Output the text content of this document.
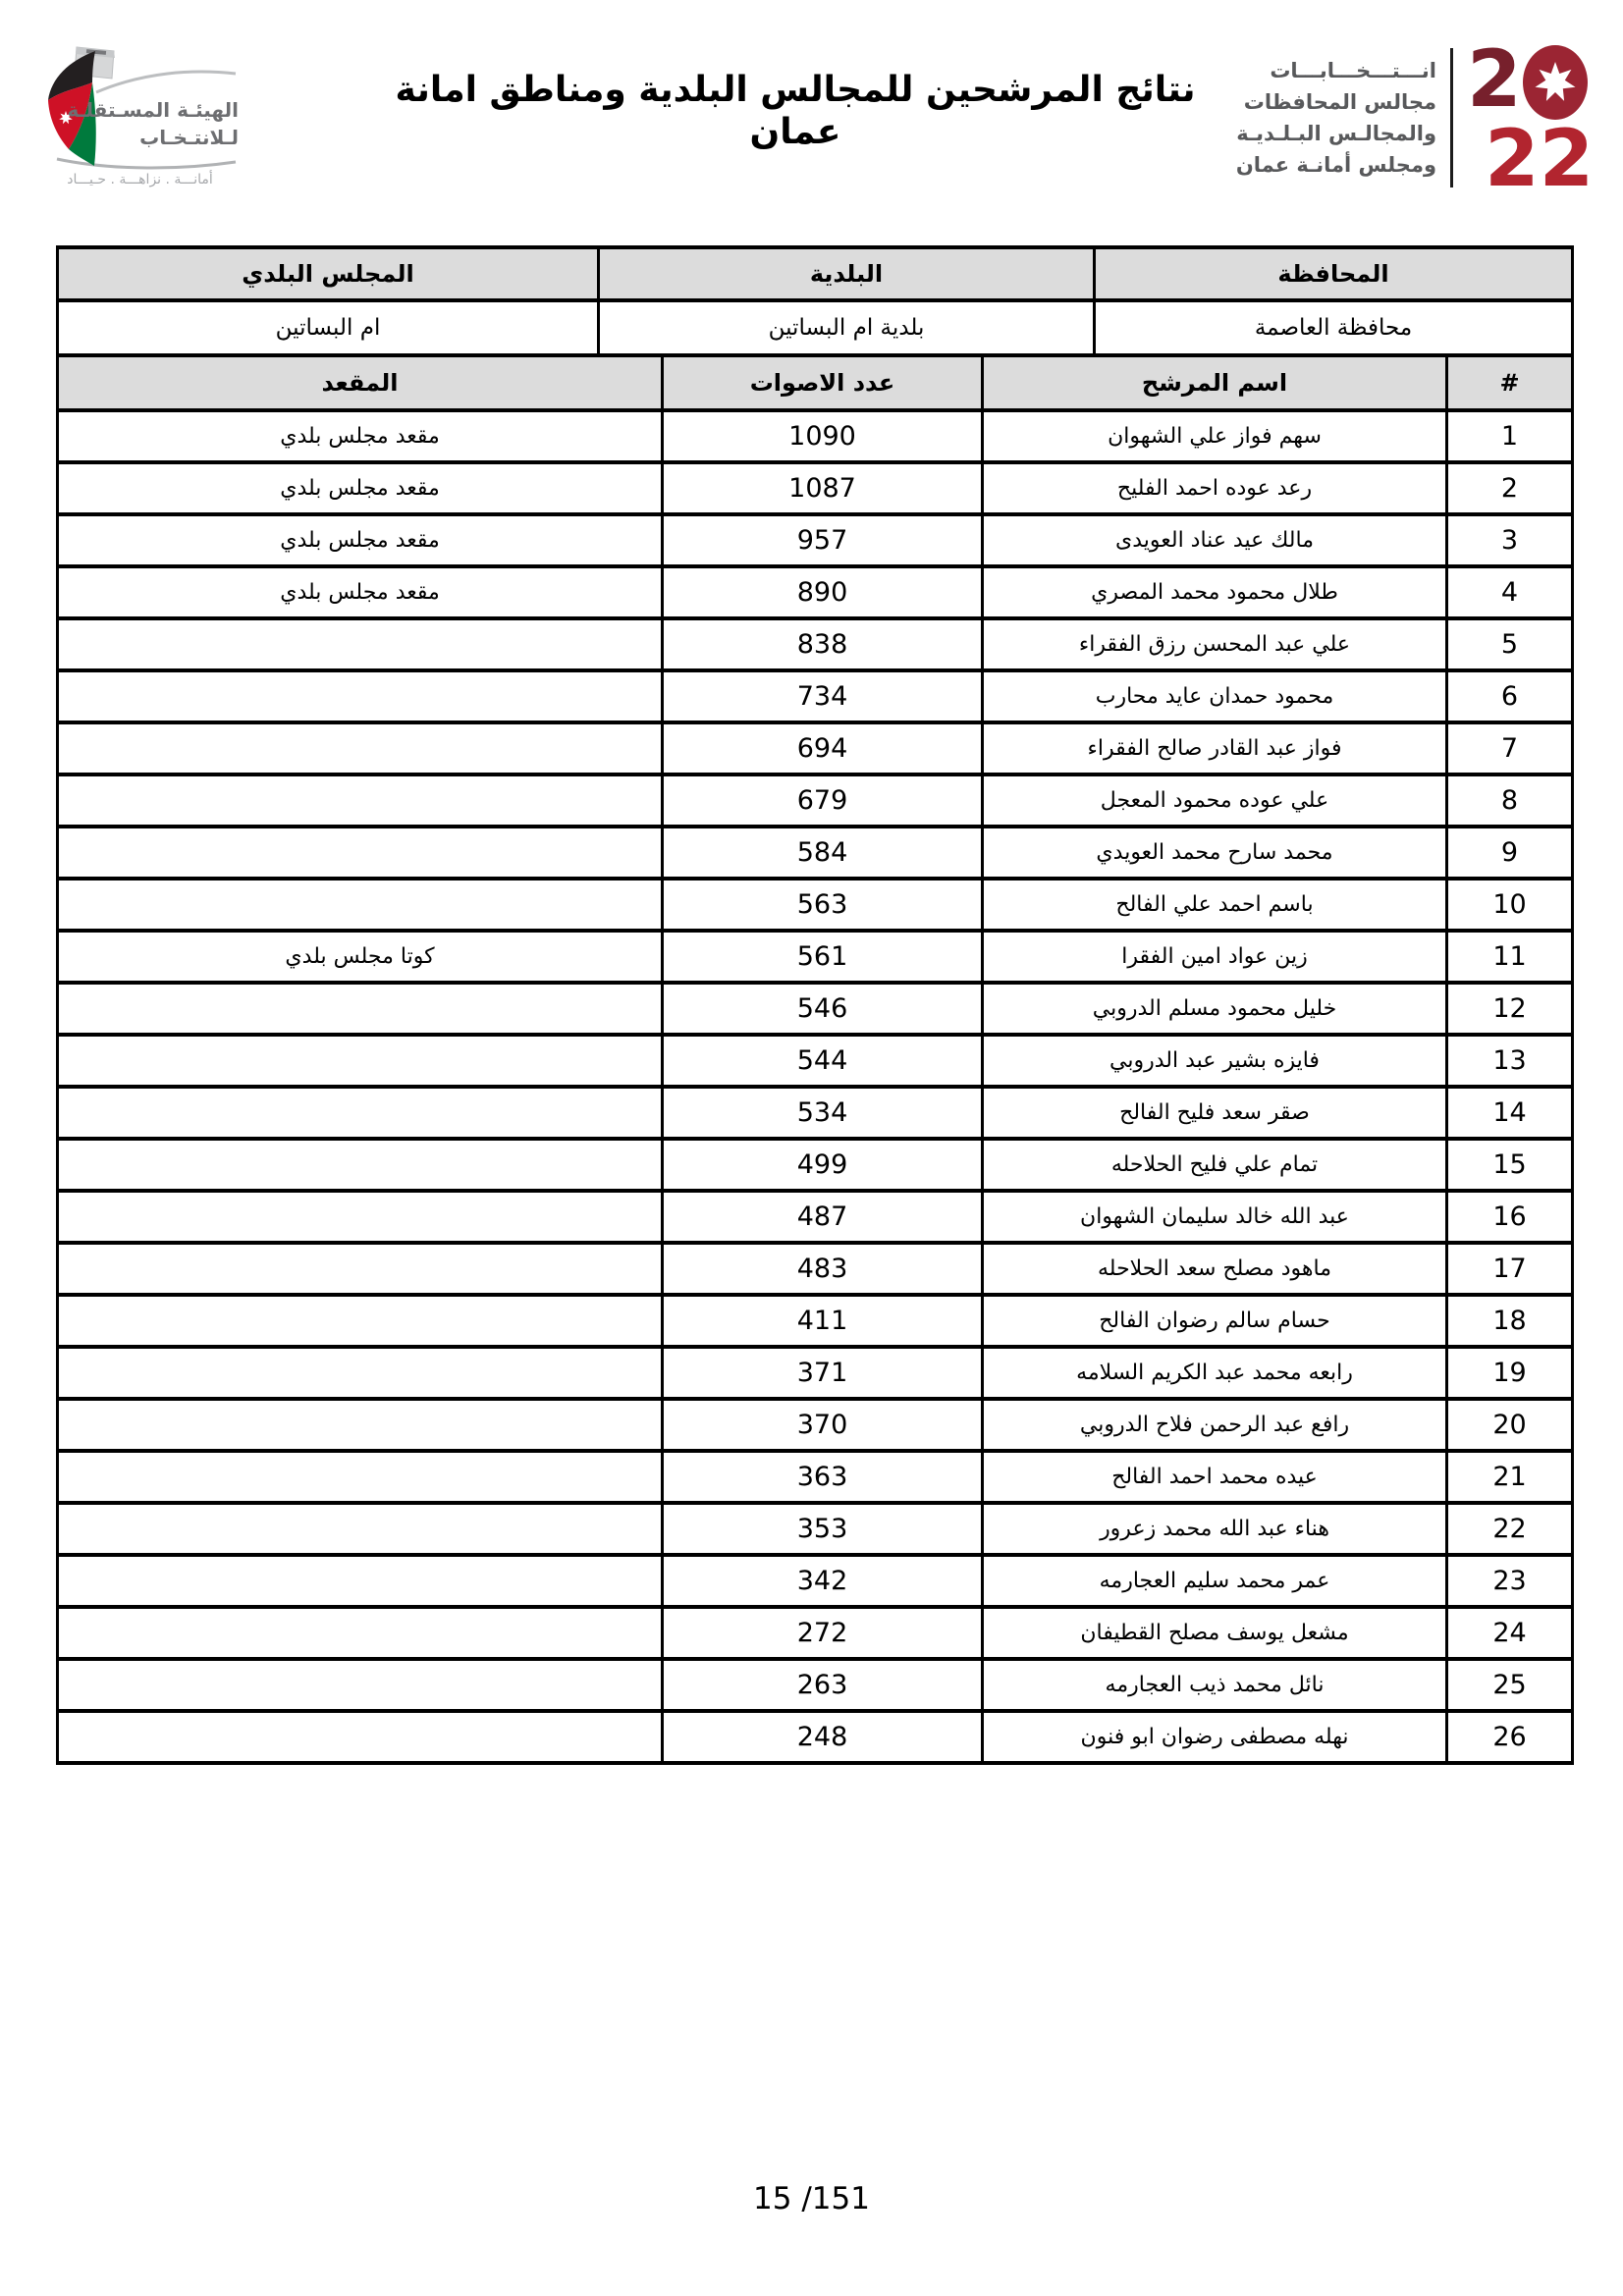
الهيئـة المسـتقلـة
لـلانتـخـاب
أمانـــة . نزاهـــة . حـيـــاد
نتائج المرشحين للمجالس البلدية ومناطق امانة عمان
انـــتـــخـــابـــات
مجالس المحافظات
والمجالـس البـلـديـة
ومجلس أمانـة عمان
2
22
المحافظة	البلدية	المجلس البلدي
محافظة العاصمة	بلدية ام البساتين	ام البساتين
#	اسم المرشح	عدد الاصوات	المقعد
1	سهم فواز علي الشهوان	1090	مقعد مجلس بلدي
2	رعد عوده احمد الفليح	1087	مقعد مجلس بلدي
3	مالك عيد عناد العويدى	957	مقعد مجلس بلدي
4	طلال محمود محمد المصري	890	مقعد مجلس بلدي
5	علي عبد المحسن رزق الفقراء	838	
6	محمود حمدان عايد محارب	734	
7	فواز عبد القادر صالح الفقراء	694	
8	علي عوده محمود المعجل	679	
9	محمد سارح محمد العويدي	584	
10	باسم احمد علي الفالح	563	
11	زين عواد امين الفقرا	561	كوتا مجلس بلدي
12	خليل محمود مسلم الدروبي	546	
13	فايزه بشير عبد الدروبي	544	
14	صقر سعد فليح الفالح	534	
15	تمام علي فليح الحلاحله	499	
16	عبد الله خالد سليمان الشهوان	487	
17	ماهود مصلح سعد الحلاحله	483	
18	حسام سالم رضوان الفالح	411	
19	رابعه محمد عبد الكريم السلامه	371	
20	رافع عبد الرحمن فلاح الدروبي	370	
21	عيده محمد احمد الفالح	363	
22	هناء عبد الله محمد زعرور	353	
23	عمر محمد سليم العجارمه	342	
24	مشعل يوسف مصلح القطيفان	272	
25	نائل محمد ذيب العجارمه	263	
26	نهله مصطفى رضوان ابو فنون	248	
15 /151
